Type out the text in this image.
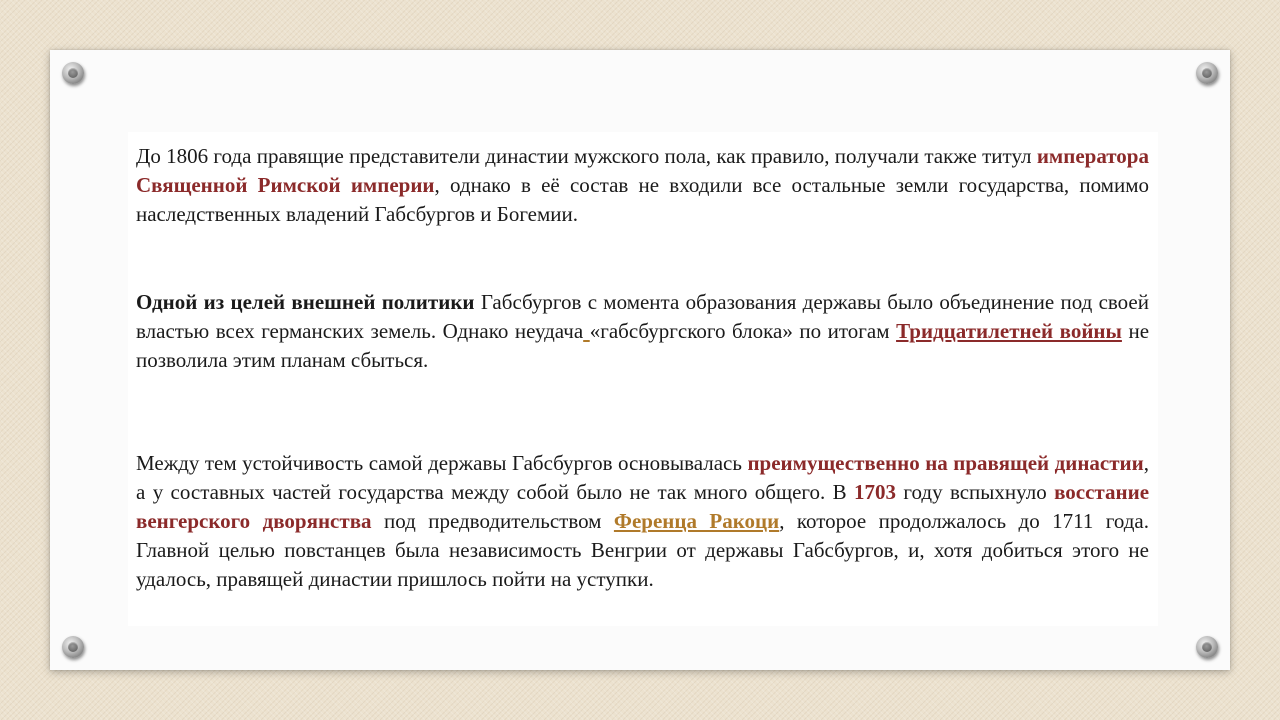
До 1806 года правящие представители династии мужского пола, как правило, получали также титул императора Священной Римской империи, однако в её состав не входили все остальные земли государства, помимо наследственных владений Габсбургов и Богемии.

Одной из целей внешней политики Габсбургов с момента образования державы было объединение под своей властью всех германских земель. Однако неудача «габсбургского блока» по итогам Тридцатилетней войны не позволила этим планам сбыться.

Между тем устойчивость самой державы Габсбургов основывалась преимущественно на правящей династии, а у составных частей государства между собой было не так много общего. В 1703 году вспыхнуло восстание венгерского дворянства под предводительством Ференца Ракоци, которое продолжалось до 1711 года. Главной целью повстанцев была независимость Венгрии от державы Габсбургов, и, хотя добиться этого не удалось, правящей династии пришлось пойти на уступки.
